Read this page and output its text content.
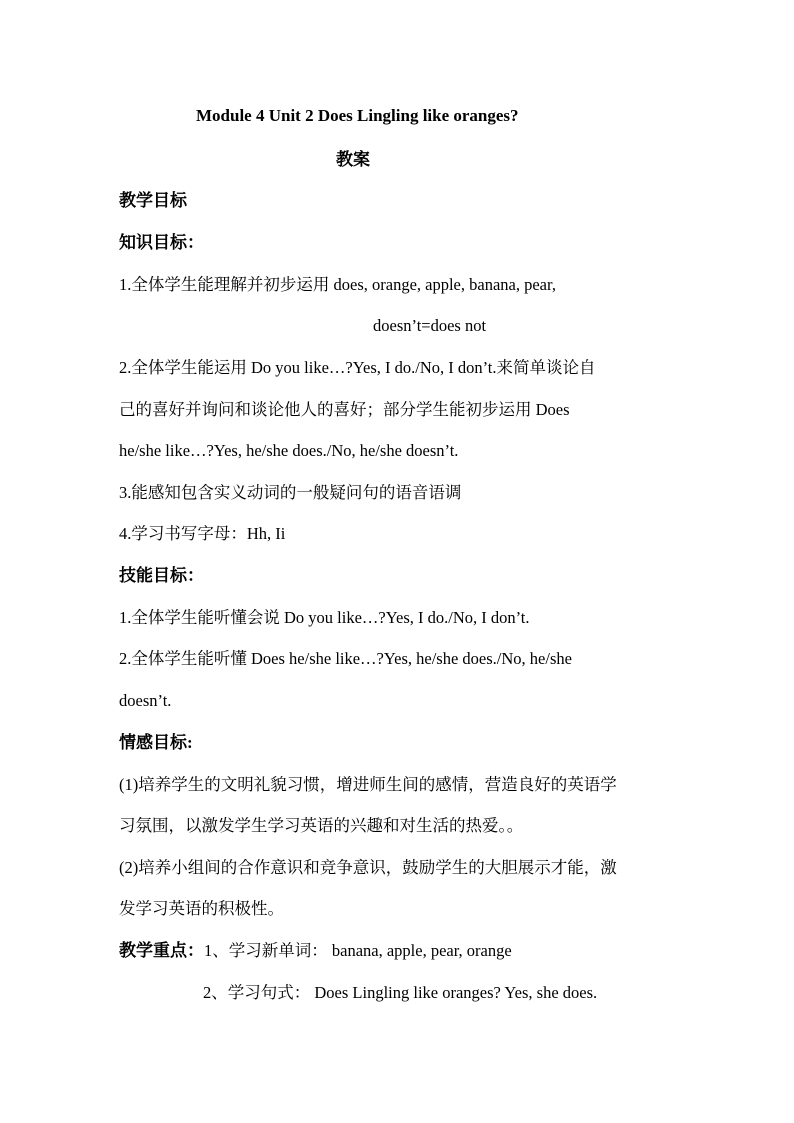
Module 4 Unit 2 Does Lingling like oranges?
教案
教学目标
知识目标：
1.全体学生能理解并初步运用 does, orange, apple, banana, pear,
doesn’t=does not
2.全体学生能运用 Do you like…?Yes, I do./No, I don’t.来简单谈论自
己的喜好并询问和谈论他人的喜好；部分学生能初步运用 Does
he/she like…?Yes, he/she does./No, he/she doesn’t.
3.能感知包含实义动词的一般疑问句的语音语调
4.学习书写字母：Hh, Ii
技能目标：
1.全体学生能听懂会说 Do you like…?Yes, I do./No, I don’t.
2.全体学生能听懂 Does he/she like…?Yes, he/she does./No, he/she
doesn’t.
情感目标:
(1)培养学生的文明礼貌习惯，增进师生间的感情，营造良好的英语学
习氛围，以激发学生学习英语的兴趣和对生活的热爱。。
(2)培养小组间的合作意识和竞争意识，鼓励学生的大胆展示才能，激
发学习英语的积极性。
教学重点：1、学习新单词： banana, apple, pear, orange
2、学习句式： Does Lingling like oranges? Yes, she does.
